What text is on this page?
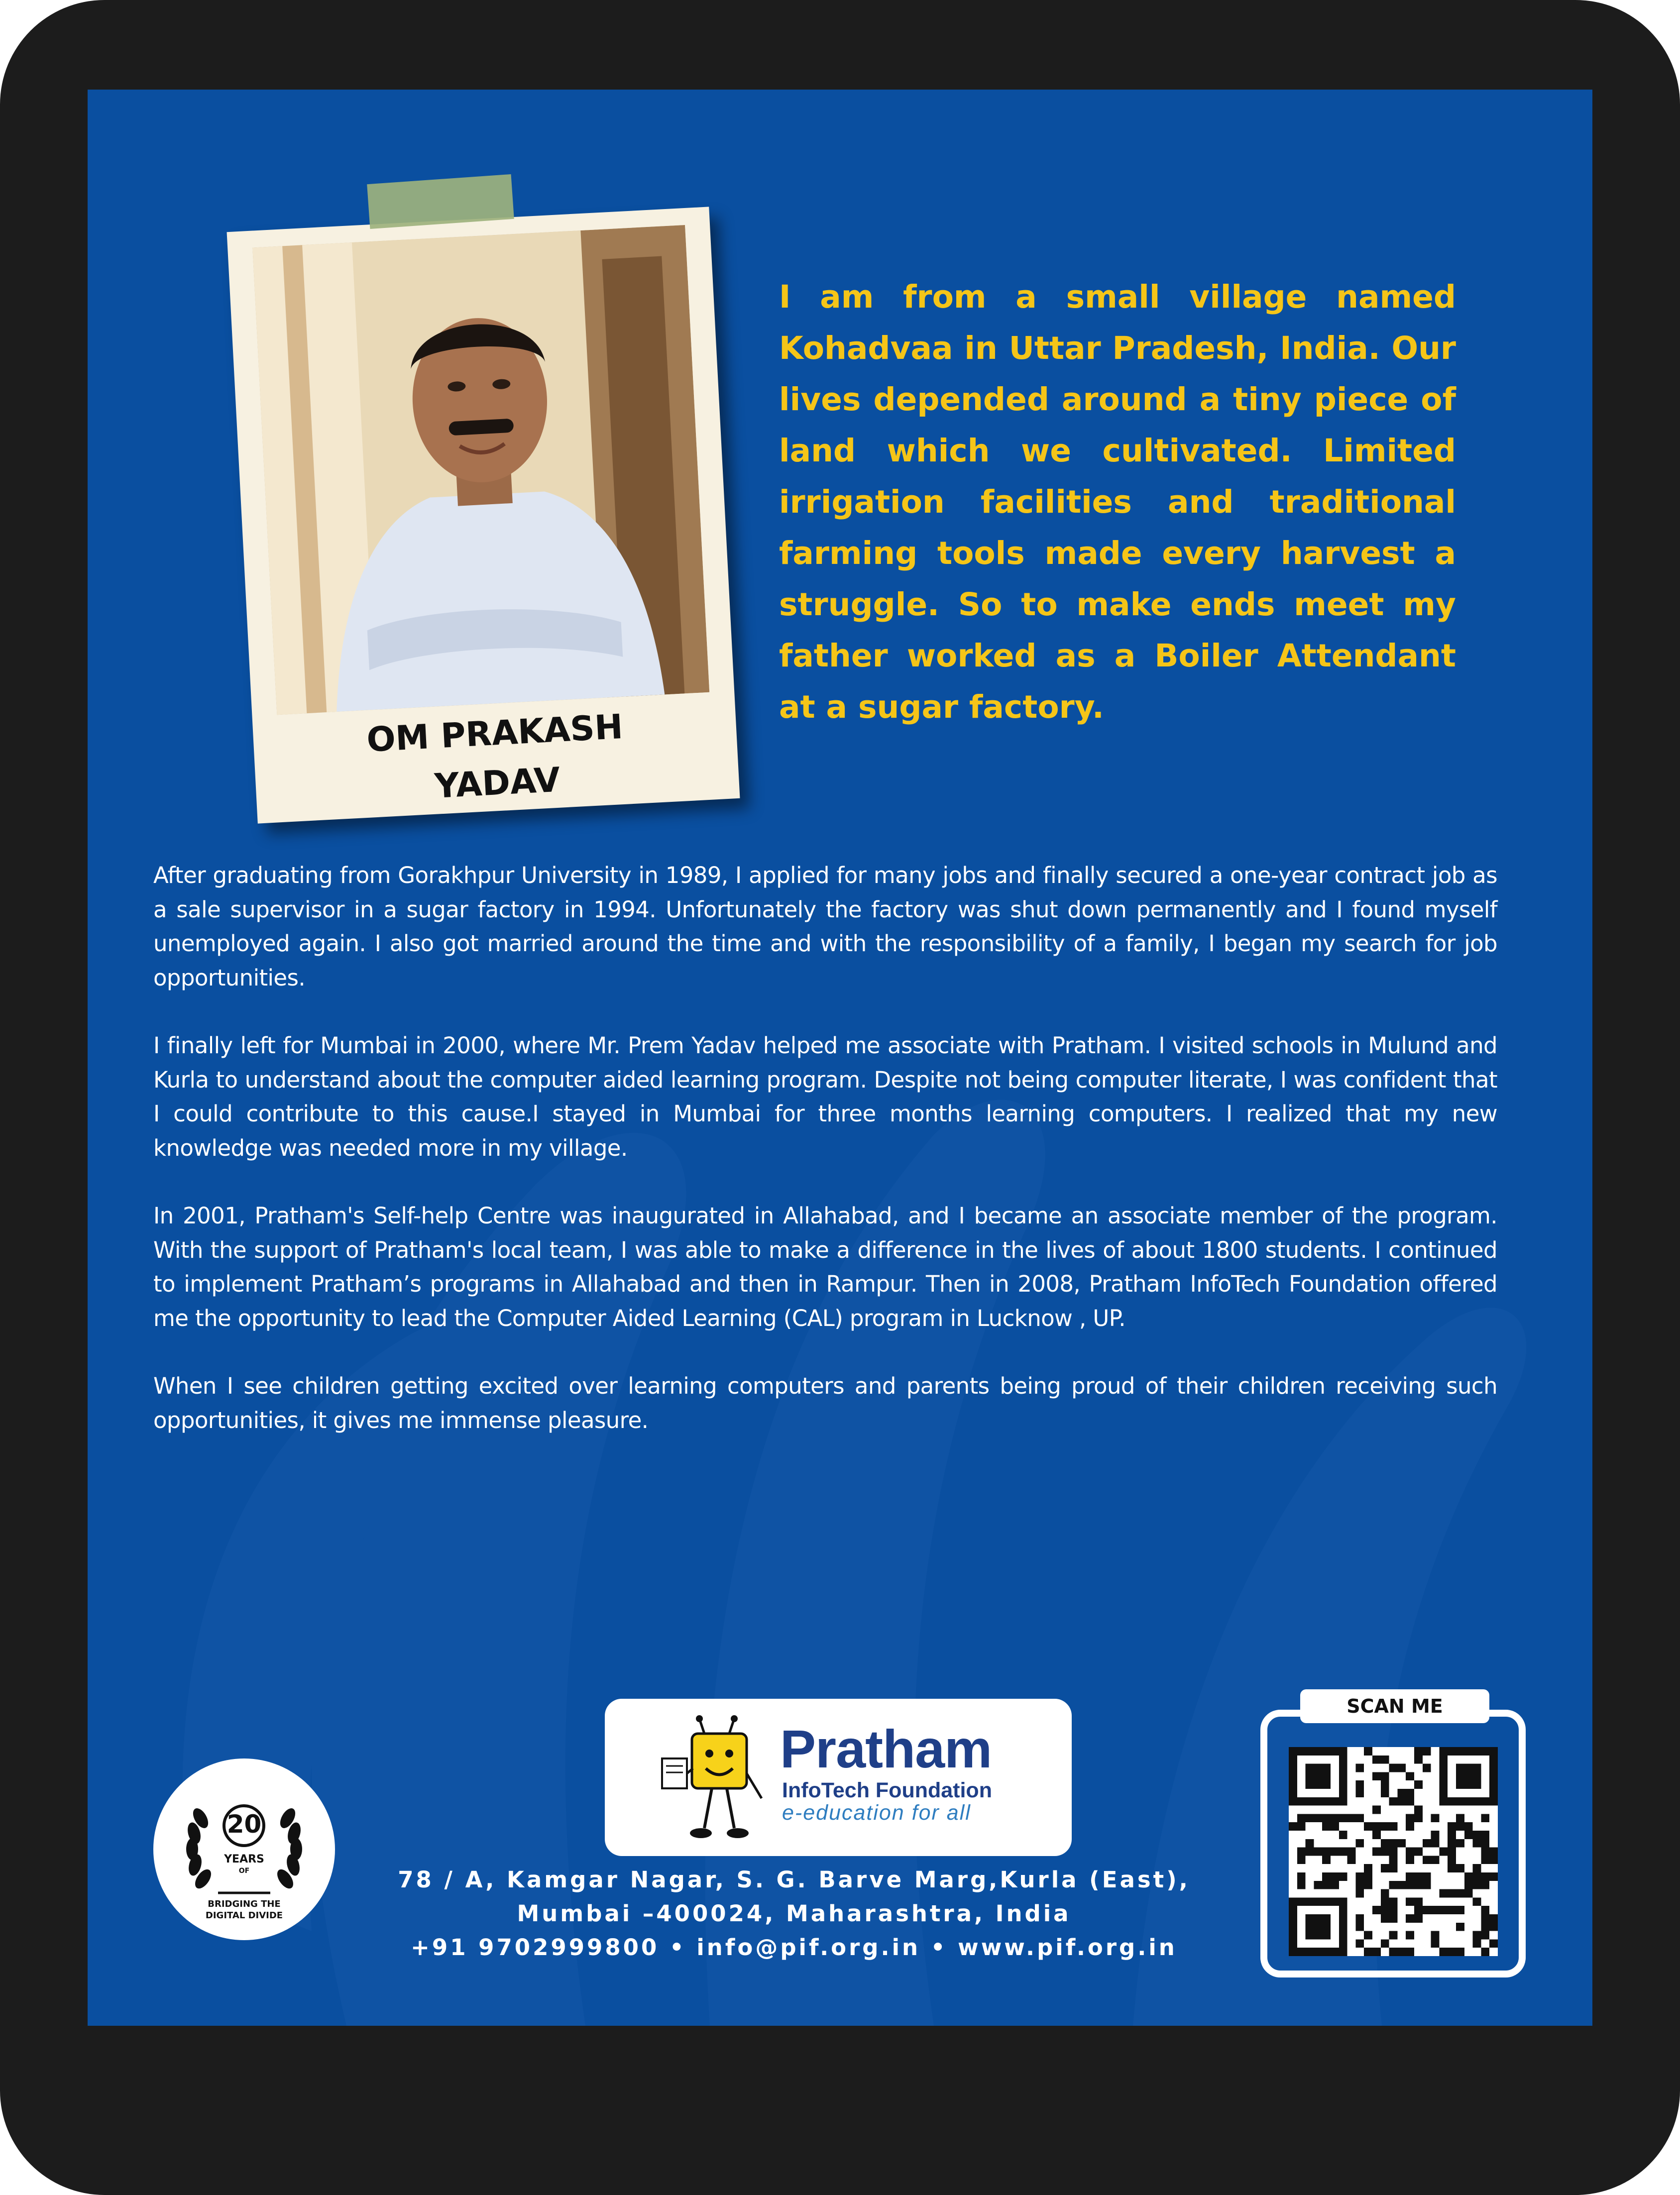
OM PRAKASH
YADAV
I am from a small village named Kohadvaa in Uttar Pradesh, India. Our lives depended around a tiny piece of land which we cultivated. Limited irrigation facilities and traditional farming tools made every harvest a struggle. So to make ends meet my father worked as a Boiler Attendant at a sugar factory.

After graduating from Gorakhpur University in 1989, I applied for many jobs and finally secured a one-year contract job as a sale supervisor in a sugar factory in 1994. Unfortunately the factory was shut down permanently and I found myself unemployed again. I also got married around the time and with the responsibility of a family, I began my search for job opportunities.

I finally left for Mumbai in 2000, where Mr. Prem Yadav helped me associate with Pratham. I visited schools in Mulund and Kurla to understand about the computer aided learning program. Despite not being computer literate, I was confident that I could contribute to this cause.I stayed in Mumbai for three months learning computers. I realized that my new knowledge was needed more in my village.

In 2001, Pratham's Self-help Centre was inaugurated in Allahabad, and I became an associate member of the program. With the support of Pratham's local team, I was able to make a difference in the lives of about 1800 students. I continued to implement Pratham’s programs in Allahabad and then in Rampur. Then in 2008, Pratham InfoTech Foundation offered me the opportunity to lead the Computer Aided Learning (CAL) program in Lucknow , UP.

When I see children getting excited over learning computers and parents being proud of their children receiving such opportunities, it gives me immense pleasure.

Pratham
InfoTech Foundation
e-education for all
20
YEARS
OF
BRIDGING THE
DIGITAL DIVIDE
78 / A, Kamgar Nagar, S. G. Barve Marg,Kurla (East),
Mumbai –400024, Maharashtra, India
+91 9702999800 • info@pif.org.in • www.pif.org.in
SCAN ME
